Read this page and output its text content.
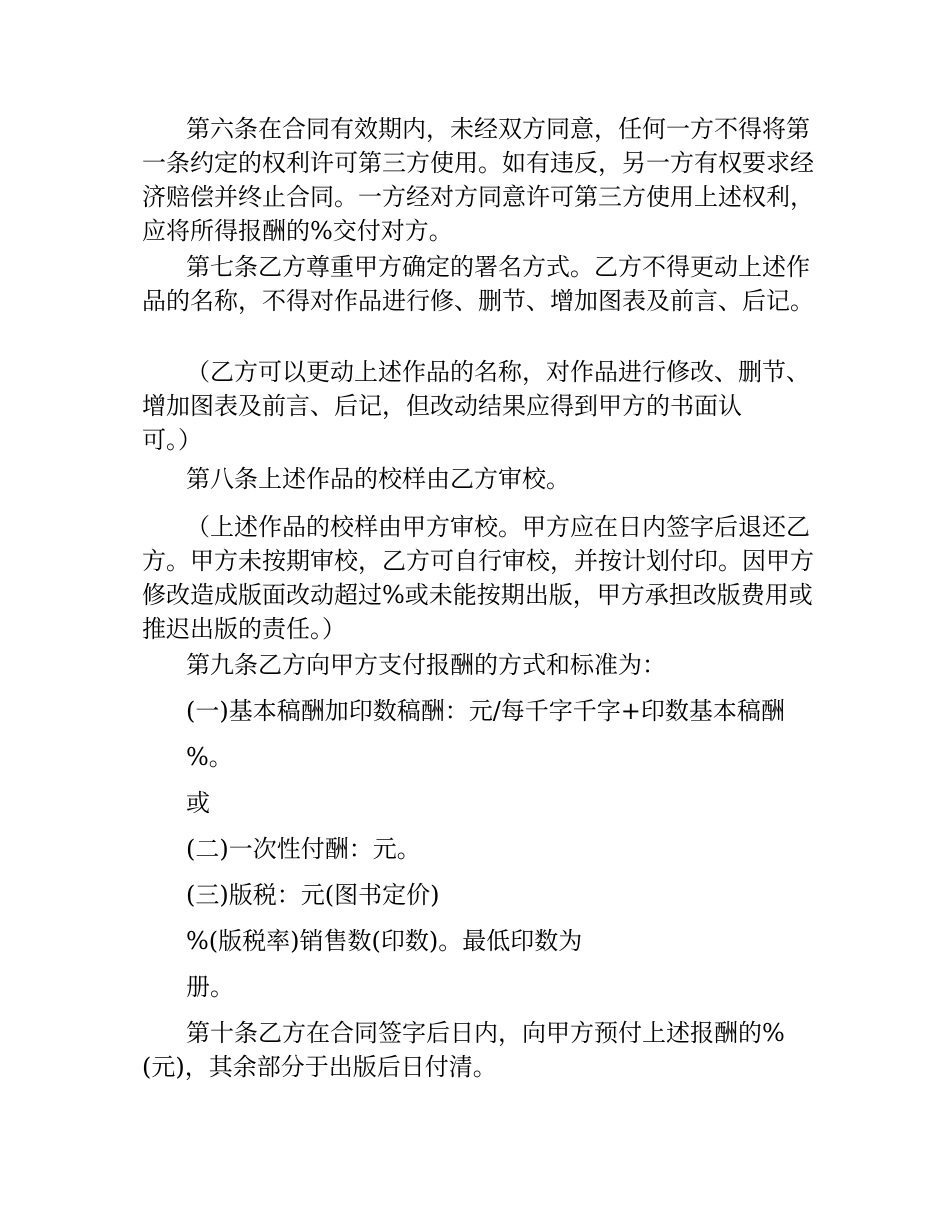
第六条在合同有效期内，未经双方同意，任何一方不得将第一条约定的权利许可第三方使用。如有违反，另一方有权要求经济赔偿并终止合同。一方经对方同意许可第三方使用上述权利，应将所得报酬的%交付对方。

第七条乙方尊重甲方确定的署名方式。乙方不得更动上述作品的名称，不得对作品进行修、删节、增加图表及前言、后记。

（乙方可以更动上述作品的名称，对作品进行修改、删节、增加图表及前言、后记，但改动结果应得到甲方的书面认
可。）

第八条上述作品的校样由乙方审校。

（上述作品的校样由甲方审校。甲方应在日内签字后退还乙方。甲方未按期审校，乙方可自行审校，并按计划付印。因甲方修改造成版面改动超过%或未能按期出版，甲方承担改版费用或推迟出版的责任。）

第九条乙方向甲方支付报酬的方式和标准为：

(一)基本稿酬加印数稿酬：元/每千字千字+印数基本稿酬

%。

或

(二)一次性付酬：元。

(三)版税：元(图书定价)

%(版税率)销售数(印数)。最低印数为

册。

第十条乙方在合同签字后日内，向甲方预付上述报酬的%(元)，其余部分于出版后日付清。
